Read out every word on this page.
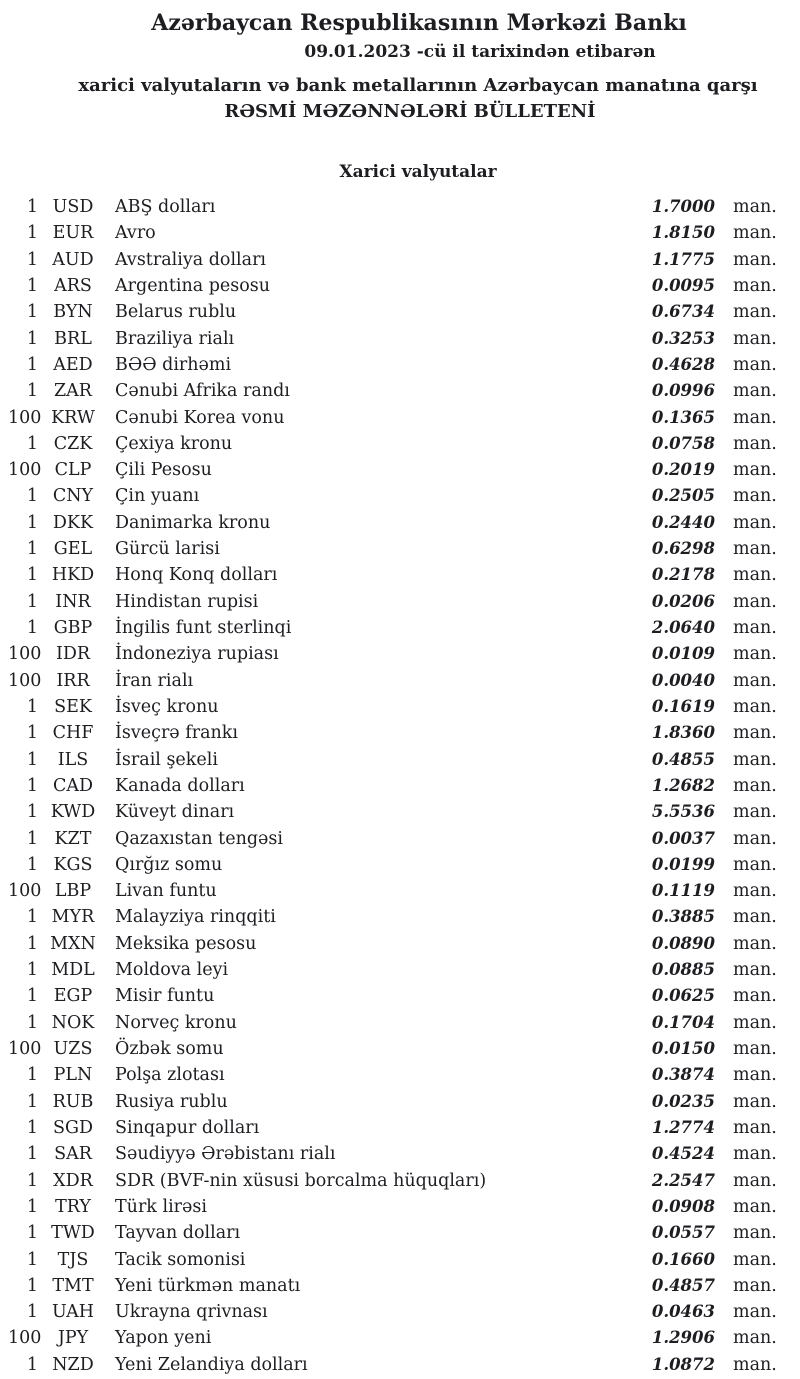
Azərbaycan Respublikasının Mərkəzi Bankı
09.01.2023 -cü il tarixindən etibarən
xarici valyutaların və bank metallarının Azərbaycan manatına qarşı
RƏSMİ MƏZƏNNƏLƏRİ BÜLLETENİ
Xarici valyutalar
1 USD	ABŞ dolları	1.7000	man.
1 EUR	Avro	1.8150	man.
1 AUD	Avstraliya dolları	1.1775	man.
1 ARS	Argentina pesosu	0.0095	man.
1 BYN	Belarus rublu	0.6734	man.
1 BRL	Braziliya rialı	0.3253	man.
1 AED	BƏƏ dirhəmi	0.4628	man.
1 ZAR	Cənubi Afrika randı	0.0996	man.
100 KRW	Cənubi Korea vonu	0.1365	man.
1 CZK	Çexiya kronu	0.0758	man.
100 CLP	Çili Pesosu	0.2019	man.
1 CNY	Çin yuanı	0.2505	man.
1 DKK	Danimarka kronu	0.2440	man.
1 GEL	Gürcü larisi	0.6298	man.
1 HKD	Honq Konq dolları	0.2178	man.
1 INR	Hindistan rupisi	0.0206	man.
1 GBP	İngilis funt sterlinqi	2.0640	man.
100 IDR	İndoneziya rupiası	0.0109	man.
100 IRR	İran rialı	0.0040	man.
1 SEK	İsveç kronu	0.1619	man.
1 CHF	İsveçrə frankı	1.8360	man.
1	ILS	İsrail şekeli	0.4855	man.
1 CAD	Kanada dolları	1.2682	man.
1 KWD	Küveyt dinarı	5.5536	man.
1 KZT	Qazaxıstan tengəsi	0.0037	man.
1 KGS	Qırğız somu	0.0199	man.
100 LBP	Livan funtu	0.1119	man.
1 MYR	Malayziya rinqqiti	0.3885	man.
1 MXN	Meksika pesosu	0.0890	man.
1 MDL	Moldova leyi	0.0885	man.
1 EGP	Misir funtu	0.0625	man.
1 NOK	Norveç kronu	0.1704	man.
100 UZS	Özbək somu	0.0150	man.
1 PLN	Polşa zlotası	0.3874	man.
1 RUB	Rusiya rublu	0.0235	man.
1 SGD	Sinqapur dolları	1.2774	man.
1 SAR	Səudiyyə Ərəbistanı rialı	0.4524	man.
1 XDR	SDR (BVF-nin xüsusi borcalma hüquqları)	2.2547	man.
1 TRY	Türk lirəsi	0.0908	man.
1 TWD	Tayvan dolları	0.0557	man.
1	TJS	Tacik somonisi	0.1660	man.
1 TMT	Yeni türkmən manatı	0.4857	man.
1 UAH	Ukrayna qrivnası	0.0463	man.
100 JPY	Yapon yeni	1.2906	man.
1 NZD	Yeni Zelandiya dolları	1.0872	man.
